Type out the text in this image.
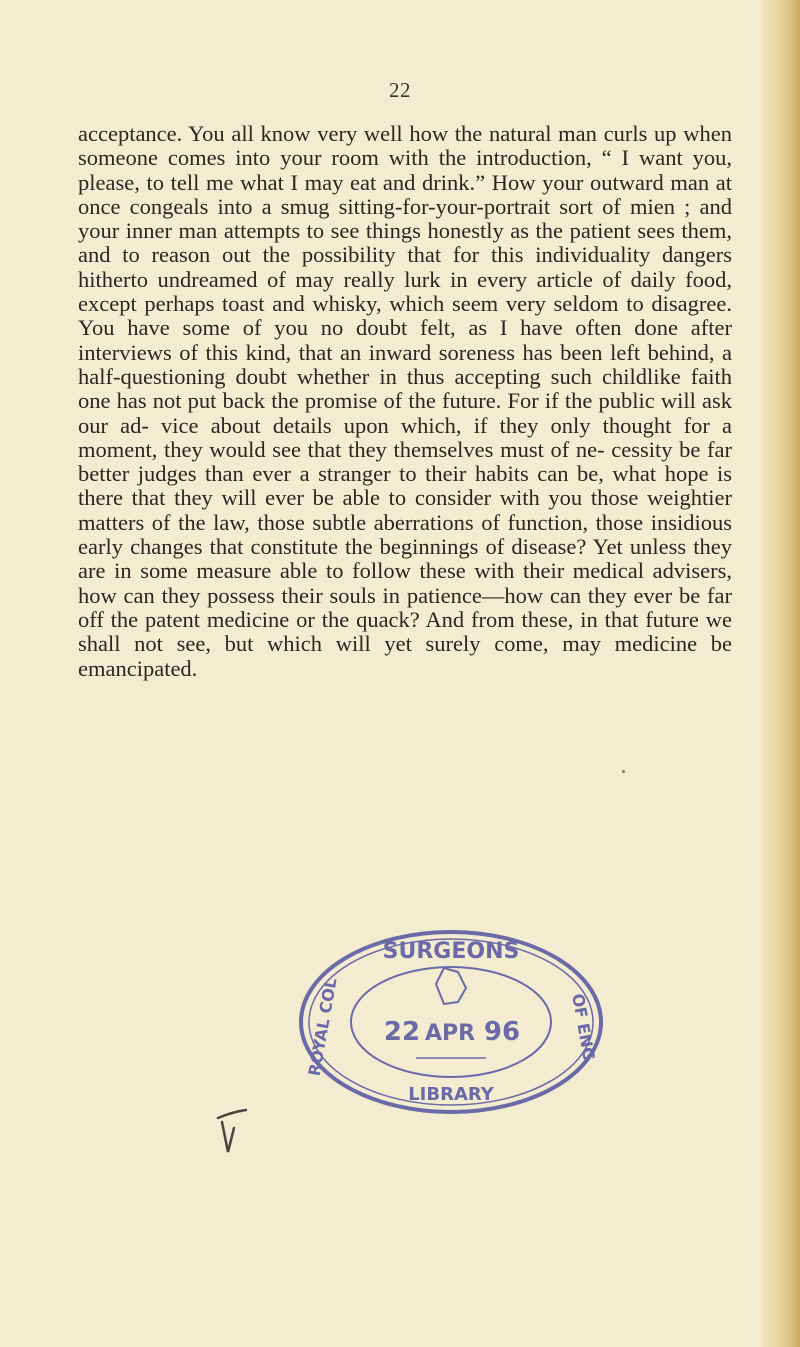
22

acceptance. You all know very well how the natural man curls up when someone comes into your room with the introduction, “ I want you, please, to tell me what I may eat and drink.” How your outward man at once congeals into a smug sitting-for-your-portrait sort of mien ; and your inner man attempts to see things honestly as the patient sees them, and to reason out the possibility that for this individuality dangers hitherto undreamed of may really lurk in every article of daily food, except perhaps toast and whisky, which seem very seldom to disagree. You have some of you no doubt felt, as I have often done after interviews of this kind, that an inward soreness has been left behind, a half-questioning doubt whether in thus accepting such childlike faith one has not put back the promise of the future. For if the public will ask our ad- vice about details upon which, if they only thought for a moment, they would see that they themselves must of ne- cessity be far better judges than ever a stranger to their habits can be, what hope is there that they will ever be able to consider with you those weightier matters of the law, those subtle aberrations of function, those insidious early changes that constitute the beginnings of disease? Yet unless they are in some measure able to follow these with their medical advisers, how can they possess their souls in patience—how can they ever be far off the patent medicine or the quack? And from these, in that future we shall not see, but which will yet surely come, may medicine be emancipated.

SURGEONS
ROYAL COL	OF ENG
22 APR 96
LIBRARY
